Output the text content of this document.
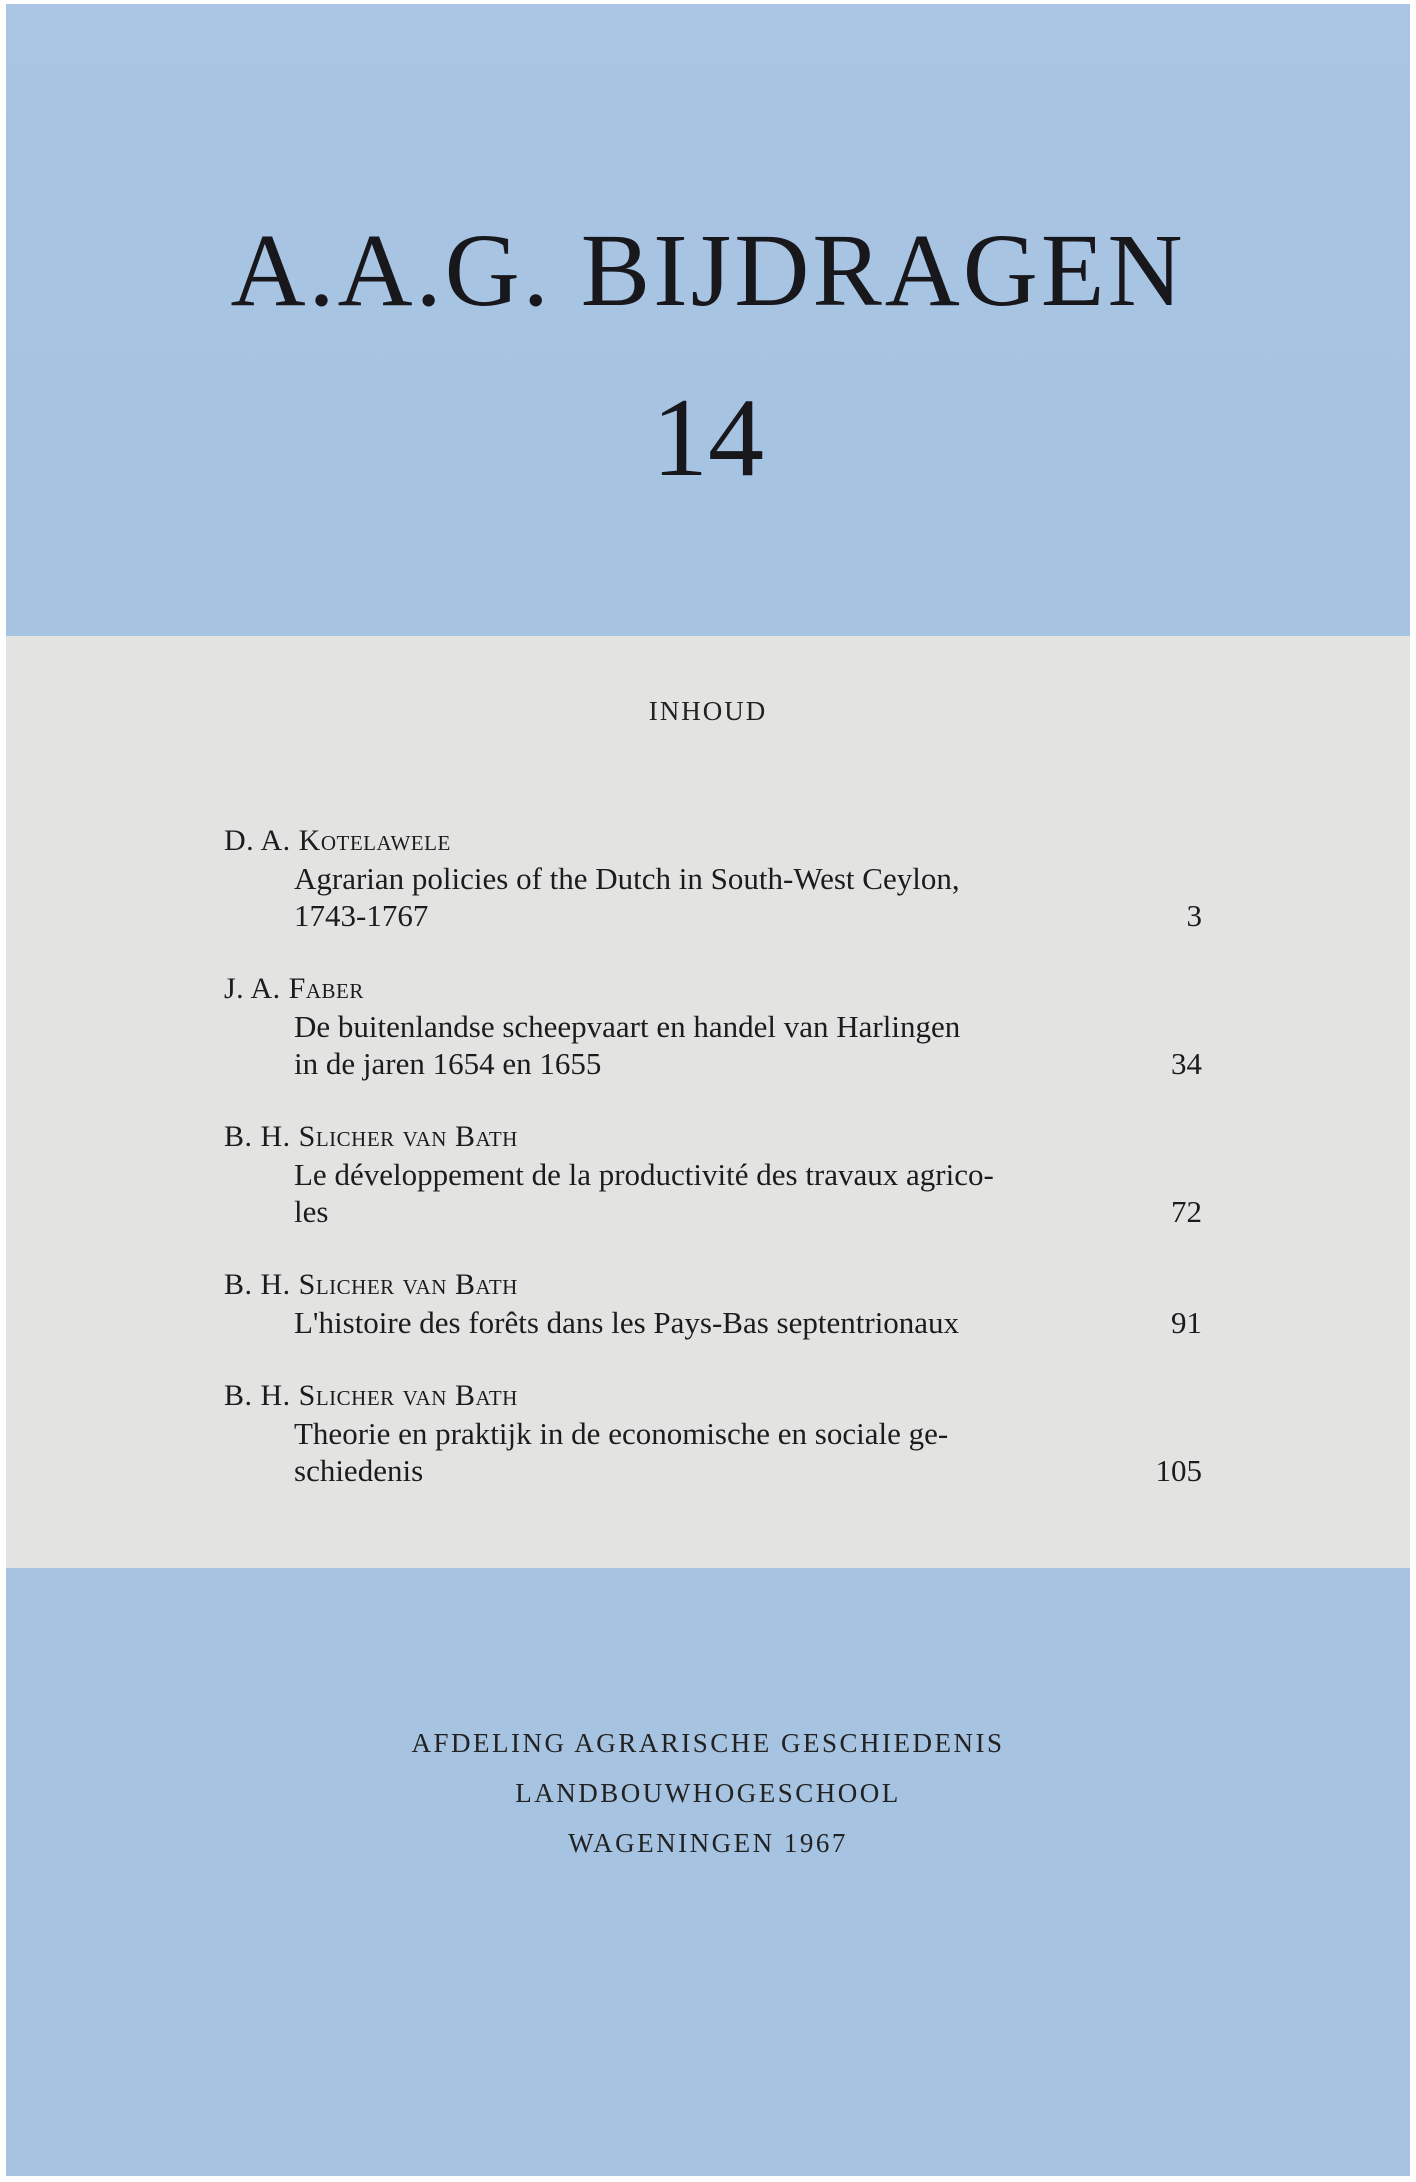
A.A.G. BIJDRAGEN
14
INHOUD
D. A. Kotelawele
Agrarian policies of the Dutch in South-West Ceylon,
1743-1767	3
J. A. Faber
De buitenlandse scheepvaart en handel van Harlingen
in de jaren 1654 en 1655	34
B. H. Slicher van Bath
Le développement de la productivité des travaux agrico-
les	72
B. H. Slicher van Bath
L'histoire des forêts dans les Pays-Bas septentrionaux	91
B. H. Slicher van Bath
Theorie en praktijk in de economische en sociale ge-
schiedenis	105
AFDELING AGRARISCHE GESCHIEDENIS
LANDBOUWHOGESCHOOL
WAGENINGEN 1967
